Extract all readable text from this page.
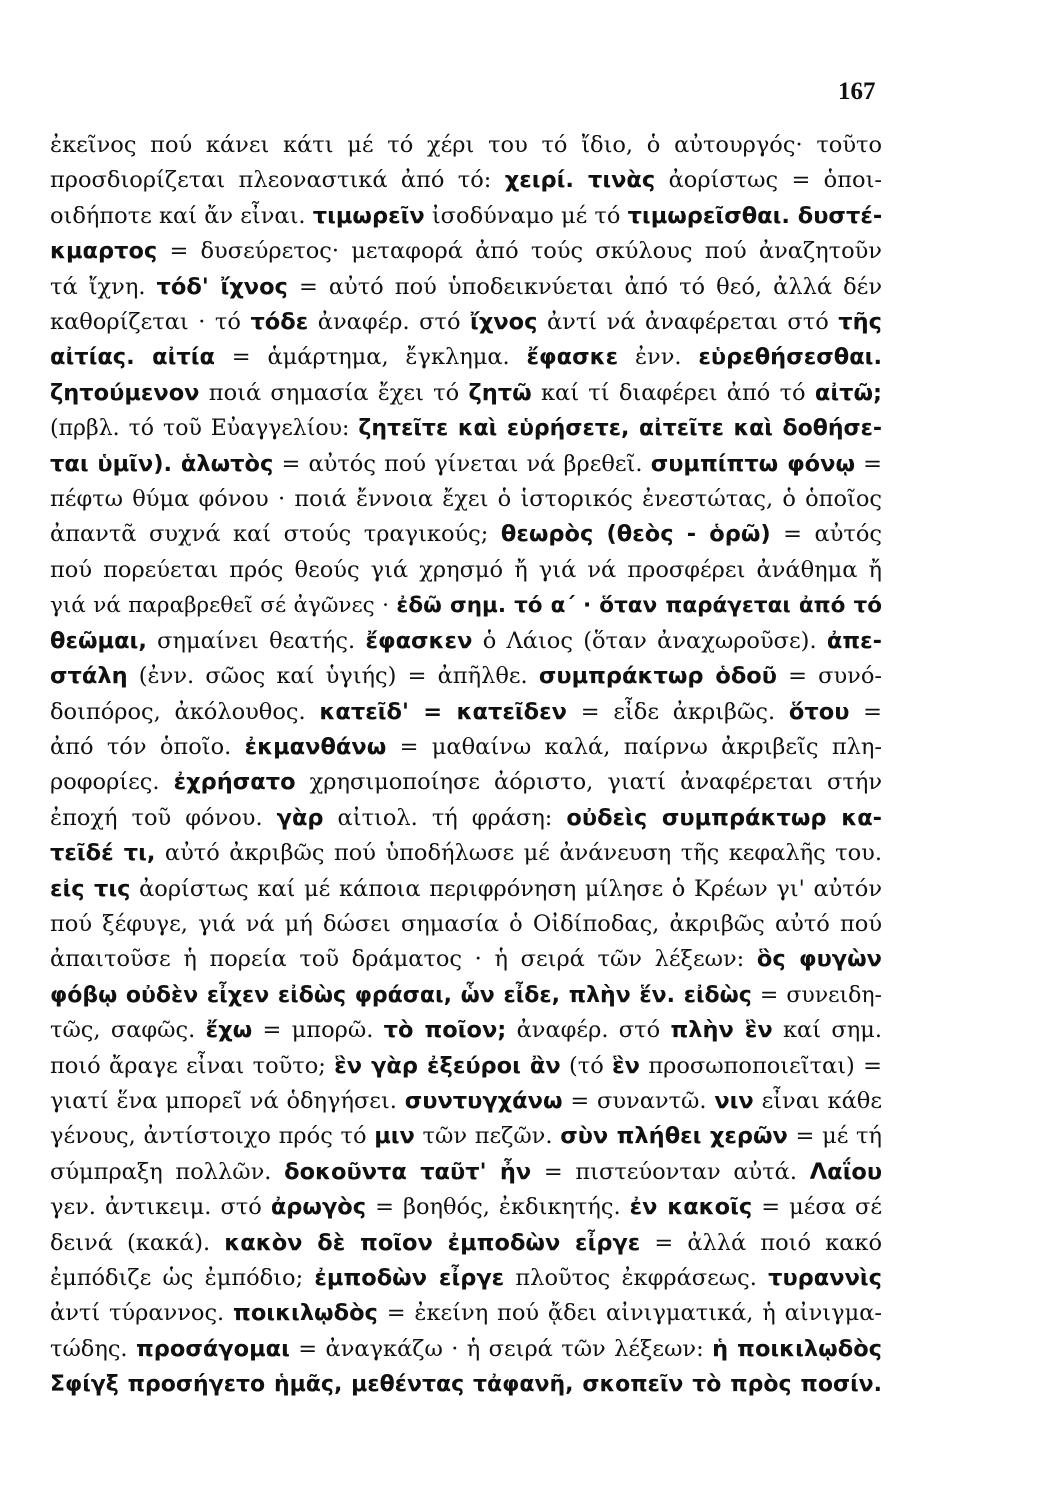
167
ἐκεῖνος πού κάνει κάτι μέ τό χέρι του τό ἴδιο, ὁ αὐτουργός· τοῦτο
προσδιορίζεται πλεοναστικά ἀπό τό: χειρί. τινὰς ἀορίστως = ὁποι-
οιδήποτε καί ἄν εἶναι. τιμωρεῖν ἰσοδύναμο μέ τό τιμωρεῖσθαι. δυστέ-
κμαρτος = δυσεύρετος· μεταφορά ἀπό τούς σκύλους πού ἀναζητοῦν
τά ἴχνη. τόδ' ἴχνος = αὐτό πού ὑποδεικνύεται ἀπό τό θεό, ἀλλά δέν
καθορίζεται · τό τόδε ἀναφέρ. στό ἴχνος ἀντί νά ἀναφέρεται στό τῆς
αἰτίας. αἰτία = ἁμάρτημα, ἔγκλημα. ἔφασκε ἐνν. εὑρεθήσεσθαι.
ζητούμενον ποιά σημασία ἔχει τό ζητῶ καί τί διαφέρει ἀπό τό αἰτῶ;
(πρβλ. τό τοῦ Εὐαγγελίου: ζητεῖτε καὶ εὑρήσετε, αἰτεῖτε καὶ δοθήσε-
ται ὑμῖν). ἁλωτὸς = αὐτός πού γίνεται νά βρεθεῖ. συμπίπτω φόνῳ =
πέφτω θύμα φόνου · ποιά ἔννοια ἔχει ὁ ἱστορικός ἐνεστώτας, ὁ ὁποῖος
ἀπαντᾶ συχνά καί στούς τραγικούς; θεωρὸς (θεὸς - ὁρῶ) = αὐτός
πού πορεύεται πρός θεούς γιά χρησμό ἤ γιά νά προσφέρει ἀνάθημα ἤ
γιά νά παραβρεθεῖ σέ ἀγῶνες · ἐδῶ σημ. τό α΄ · ὅταν παράγεται ἀπό τό
θεῶμαι, σημαίνει θεατής. ἔφασκεν ὁ Λάιος (ὅταν ἀναχωροῦσε). ἀπε-
στάλη (ἐνν. σῶος καί ὑγιής) = ἀπῆλθε. συμπράκτωρ ὁδοῦ = συνό-
δοιπόρος, ἀκόλουθος. κατεῖδ' = κατεῖδεν = εἶδε ἀκριβῶς. ὅτου =
ἀπό τόν ὁποῖο. ἐκμανθάνω = μαθαίνω καλά, παίρνω ἀκριβεῖς πλη-
ροφορίες. ἐχρήσατο χρησιμοποίησε ἀόριστο, γιατί ἀναφέρεται στήν
ἐποχή τοῦ φόνου. γὰρ αἰτιολ. τή φράση: οὐδεὶς συμπράκτωρ κα-
τεῖδέ τι, αὐτό ἀκριβῶς πού ὑποδήλωσε μέ ἀνάνευση τῆς κεφαλῆς του.
εἰς τις ἀορίστως καί μέ κάποια περιφρόνηση μίλησε ὁ Κρέων γι' αὐτόν
πού ξέφυγε, γιά νά μή δώσει σημασία ὁ Οἰδίποδας, ἀκριβῶς αὐτό πού
ἀπαιτοῦσε ἡ πορεία τοῦ δράματος · ἡ σειρά τῶν λέξεων: ὃς φυγὼν
φόβῳ οὐδὲν εἶχεν εἰδὼς φράσαι, ὧν εἶδε, πλὴν ἕν. εἰδὼς = συνειδη-
τῶς, σαφῶς. ἔχω = μπορῶ. τὸ ποῖον; ἀναφέρ. στό πλὴν ἓν καί σημ.
ποιό ἄραγε εἶναι τοῦτο; ἓν γὰρ ἐξεύροι ἂν (τό ἓν προσωποποιεῖται) =
γιατί ἕνα μπορεῖ νά ὁδηγήσει. συντυγχάνω = συναντῶ. νιν εἶναι κάθε
γένους, ἀντίστοιχο πρός τό μιν τῶν πεζῶν. σὺν πλήθει χερῶν = μέ τή
σύμπραξη πολλῶν. δοκοῦντα ταῦτ' ἦν = πιστεύονταν αὐτά. Λαΐου
γεν. ἀντικειμ. στό ἀρωγὸς = βοηθός, ἐκδικητής. ἐν κακοῖς = μέσα σέ
δεινά (κακά). κακὸν δὲ ποῖον ἐμποδὼν εἶργε = ἀλλά ποιό κακό
ἐμπόδιζε ὡς ἐμπόδιο; ἐμποδὼν εἶργε πλοῦτος ἐκφράσεως. τυραννὶς
ἀντί τύραννος. ποικιλῳδὸς = ἐκείνη πού ᾄδει αἰνιγματικά, ἡ αἰνιγμα-
τώδης. προσάγομαι = ἀναγκάζω · ἡ σειρά τῶν λέξεων: ἡ ποικιλῳδὸς
Σφίγξ προσήγετο ἡμᾶς, μεθέντας τἀφανῆ, σκοπεῖν τὸ πρὸς ποσίν.
